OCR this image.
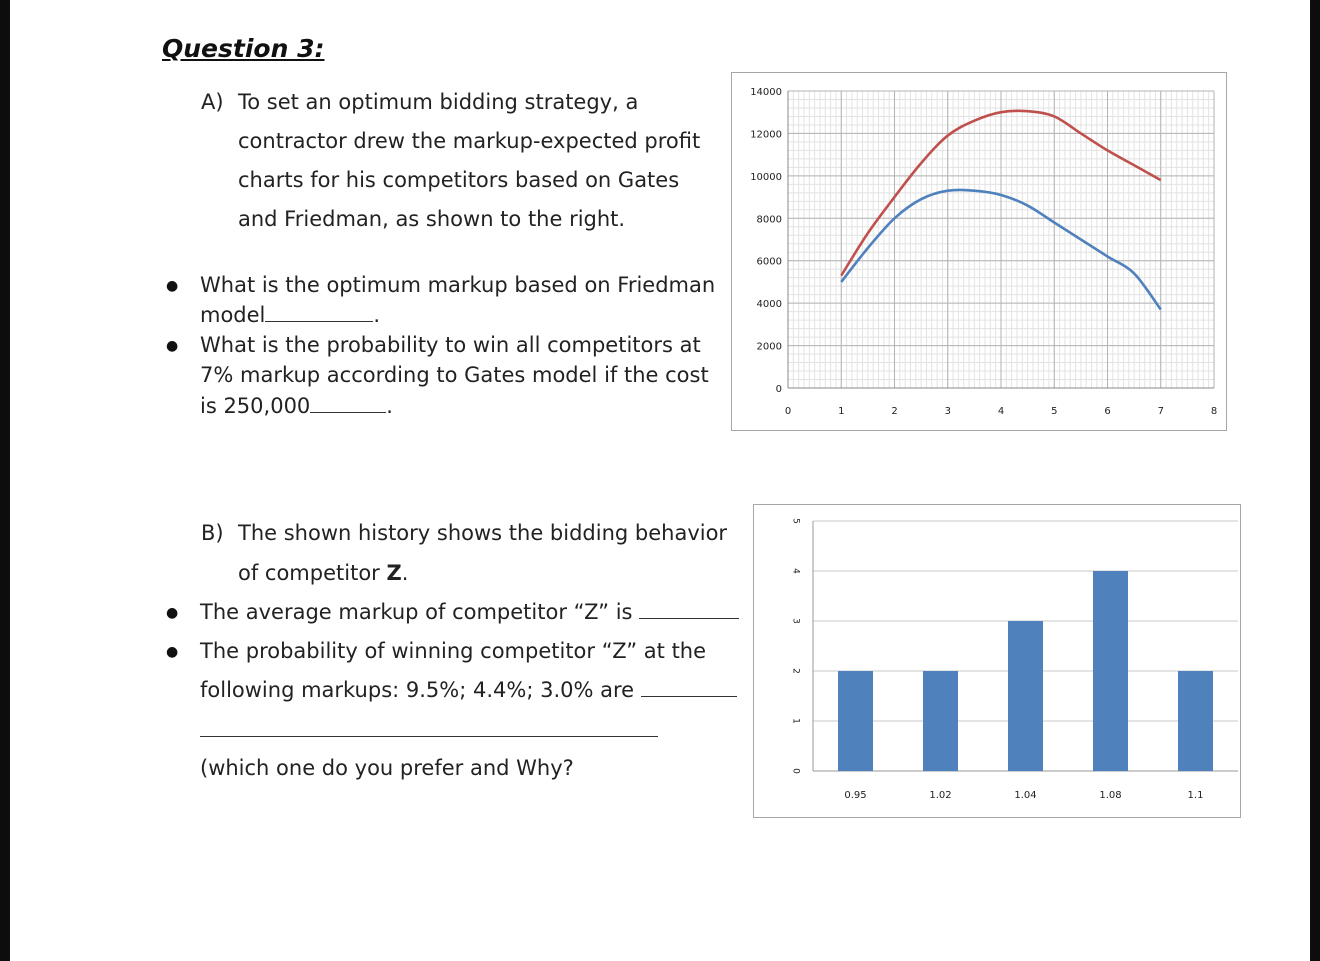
Question 3:
A) To set an optimum bidding strategy, a
contractor drew the markup-expected profit
charts for his competitors based on Gates
and Friedman, as shown to the right.
● What is the optimum markup based on Friedman
model	.
● What is the probability to win all competitors at
7% markup according to Gates model if the cost
is 250,000	.
B) The shown history shows the bidding behavior
of competitor Z.
● The average markup of competitor “Z” is
● The probability of winning competitor “Z” at the
following markups: 9.5%; 4.4%; 3.0% are
(which one do you prefer and Why?
0
2000
4000
6000
8000
10000
12000
14000
0	1	2	3	4	5	6	7	8
0.95	1.02	1.04	1.08	1.1
0
1
2
3
4
5
